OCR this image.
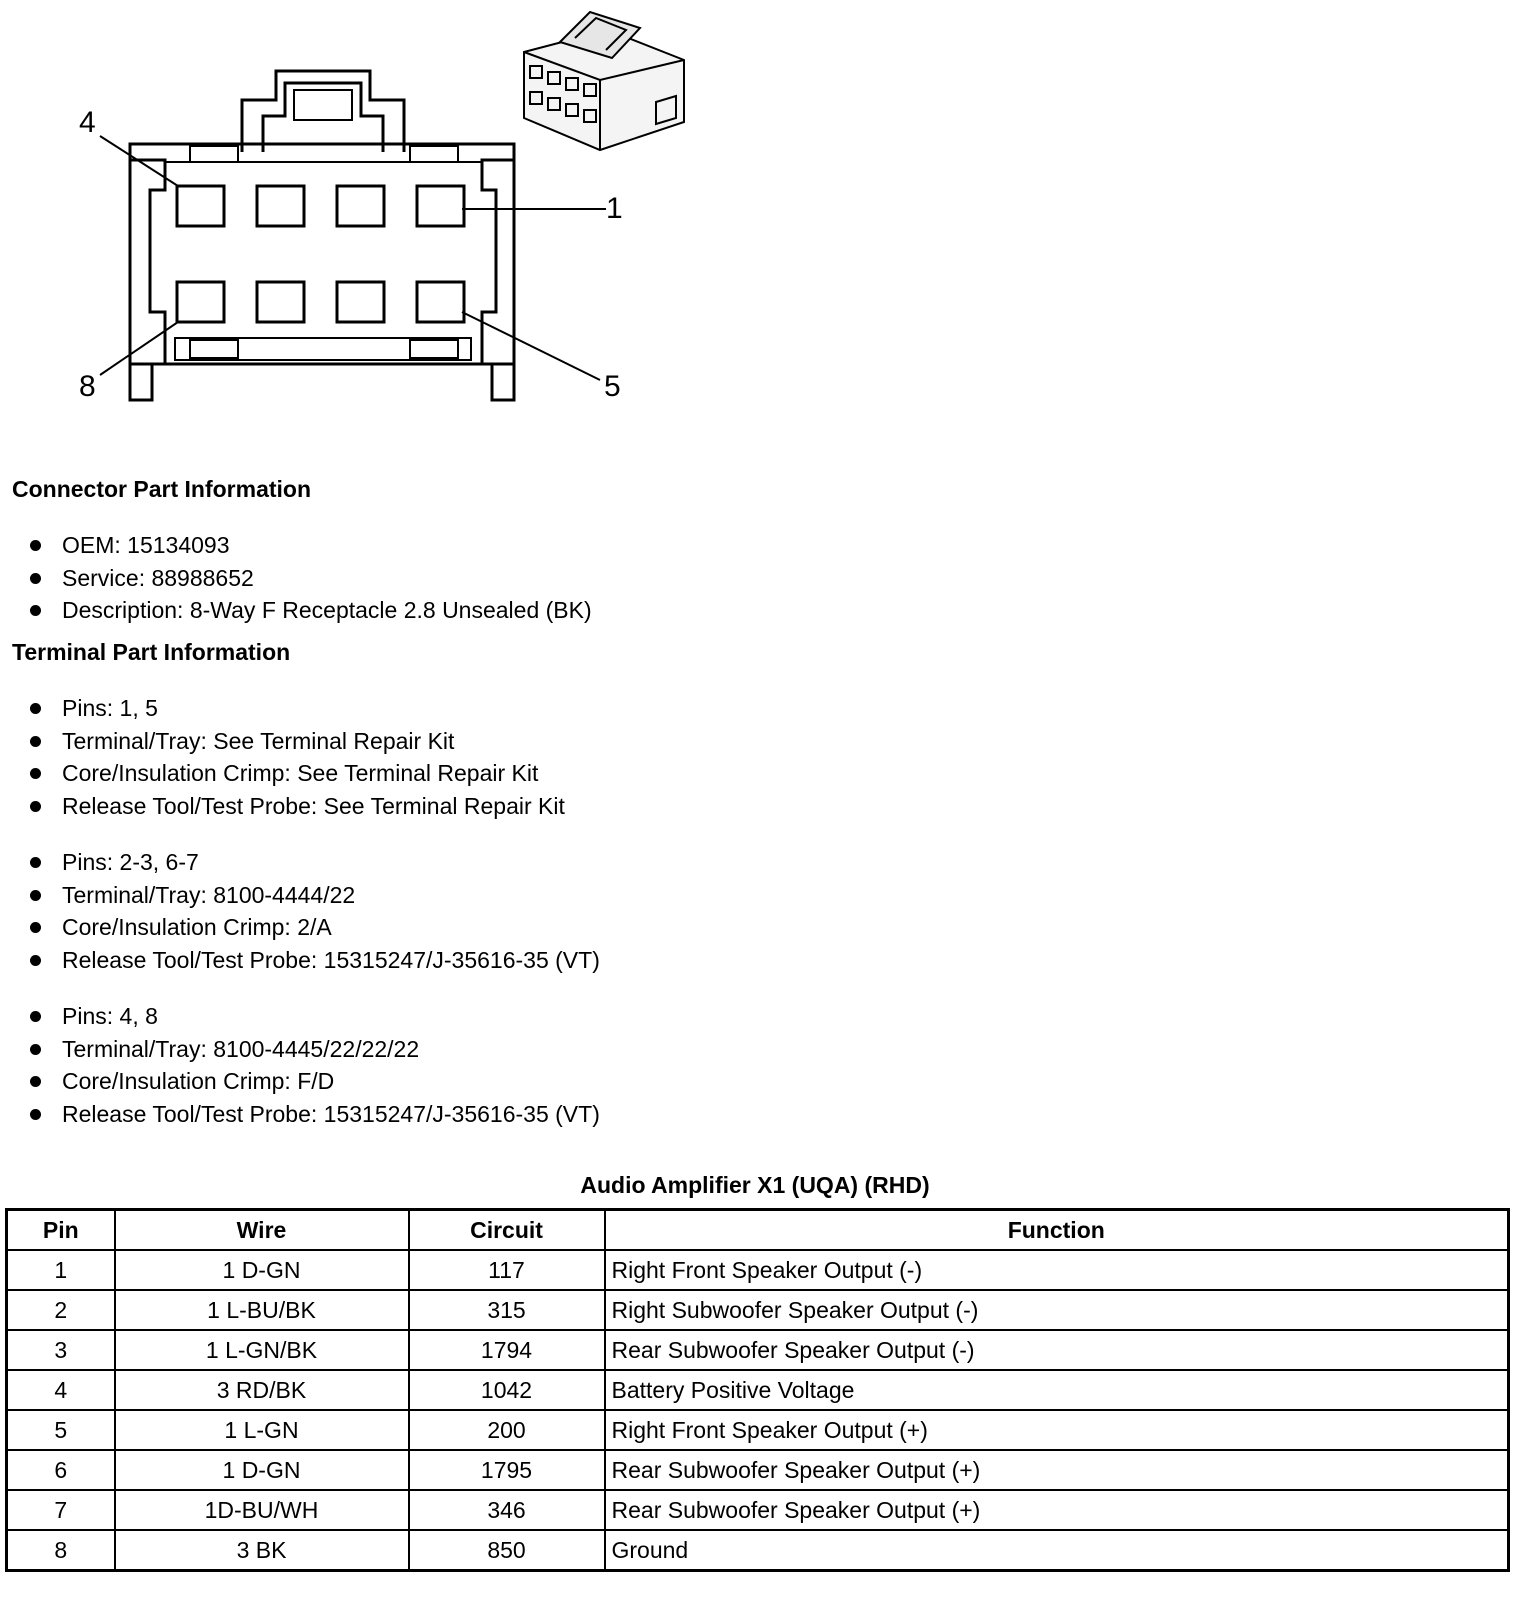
4
1
8	5
Connector Part Information
OEM: 15134093
Service: 88988652
Description: 8-Way F Receptacle 2.8 Unsealed (BK)
Terminal Part Information
Pins: 1, 5
Terminal/Tray: See Terminal Repair Kit
Core/Insulation Crimp: See Terminal Repair Kit
Release Tool/Test Probe: See Terminal Repair Kit
Pins: 2-3, 6-7
Terminal/Tray: 8100-4444/22
Core/Insulation Crimp: 2/A
Release Tool/Test Probe: 15315247/J-35616-35 (VT)
Pins: 4, 8
Terminal/Tray: 8100-4445/22/22/22
Core/Insulation Crimp: F/D
Release Tool/Test Probe: 15315247/J-35616-35 (VT)
Audio Amplifier X1 (UQA) (RHD)
Pin	Wire	Circuit	Function
1	1 D-GN	117	Right Front Speaker Output (-)
2	1 L-BU/BK	315	Right Subwoofer Speaker Output (-)
3	1 L-GN/BK	1794	Rear Subwoofer Speaker Output (-)
4	3 RD/BK	1042	Battery Positive Voltage
5	1 L-GN	200	Right Front Speaker Output (+)
6	1 D-GN	1795	Rear Subwoofer Speaker Output (+)
7	1D-BU/WH	346	Rear Subwoofer Speaker Output (+)
8	3 BK	850	Ground
